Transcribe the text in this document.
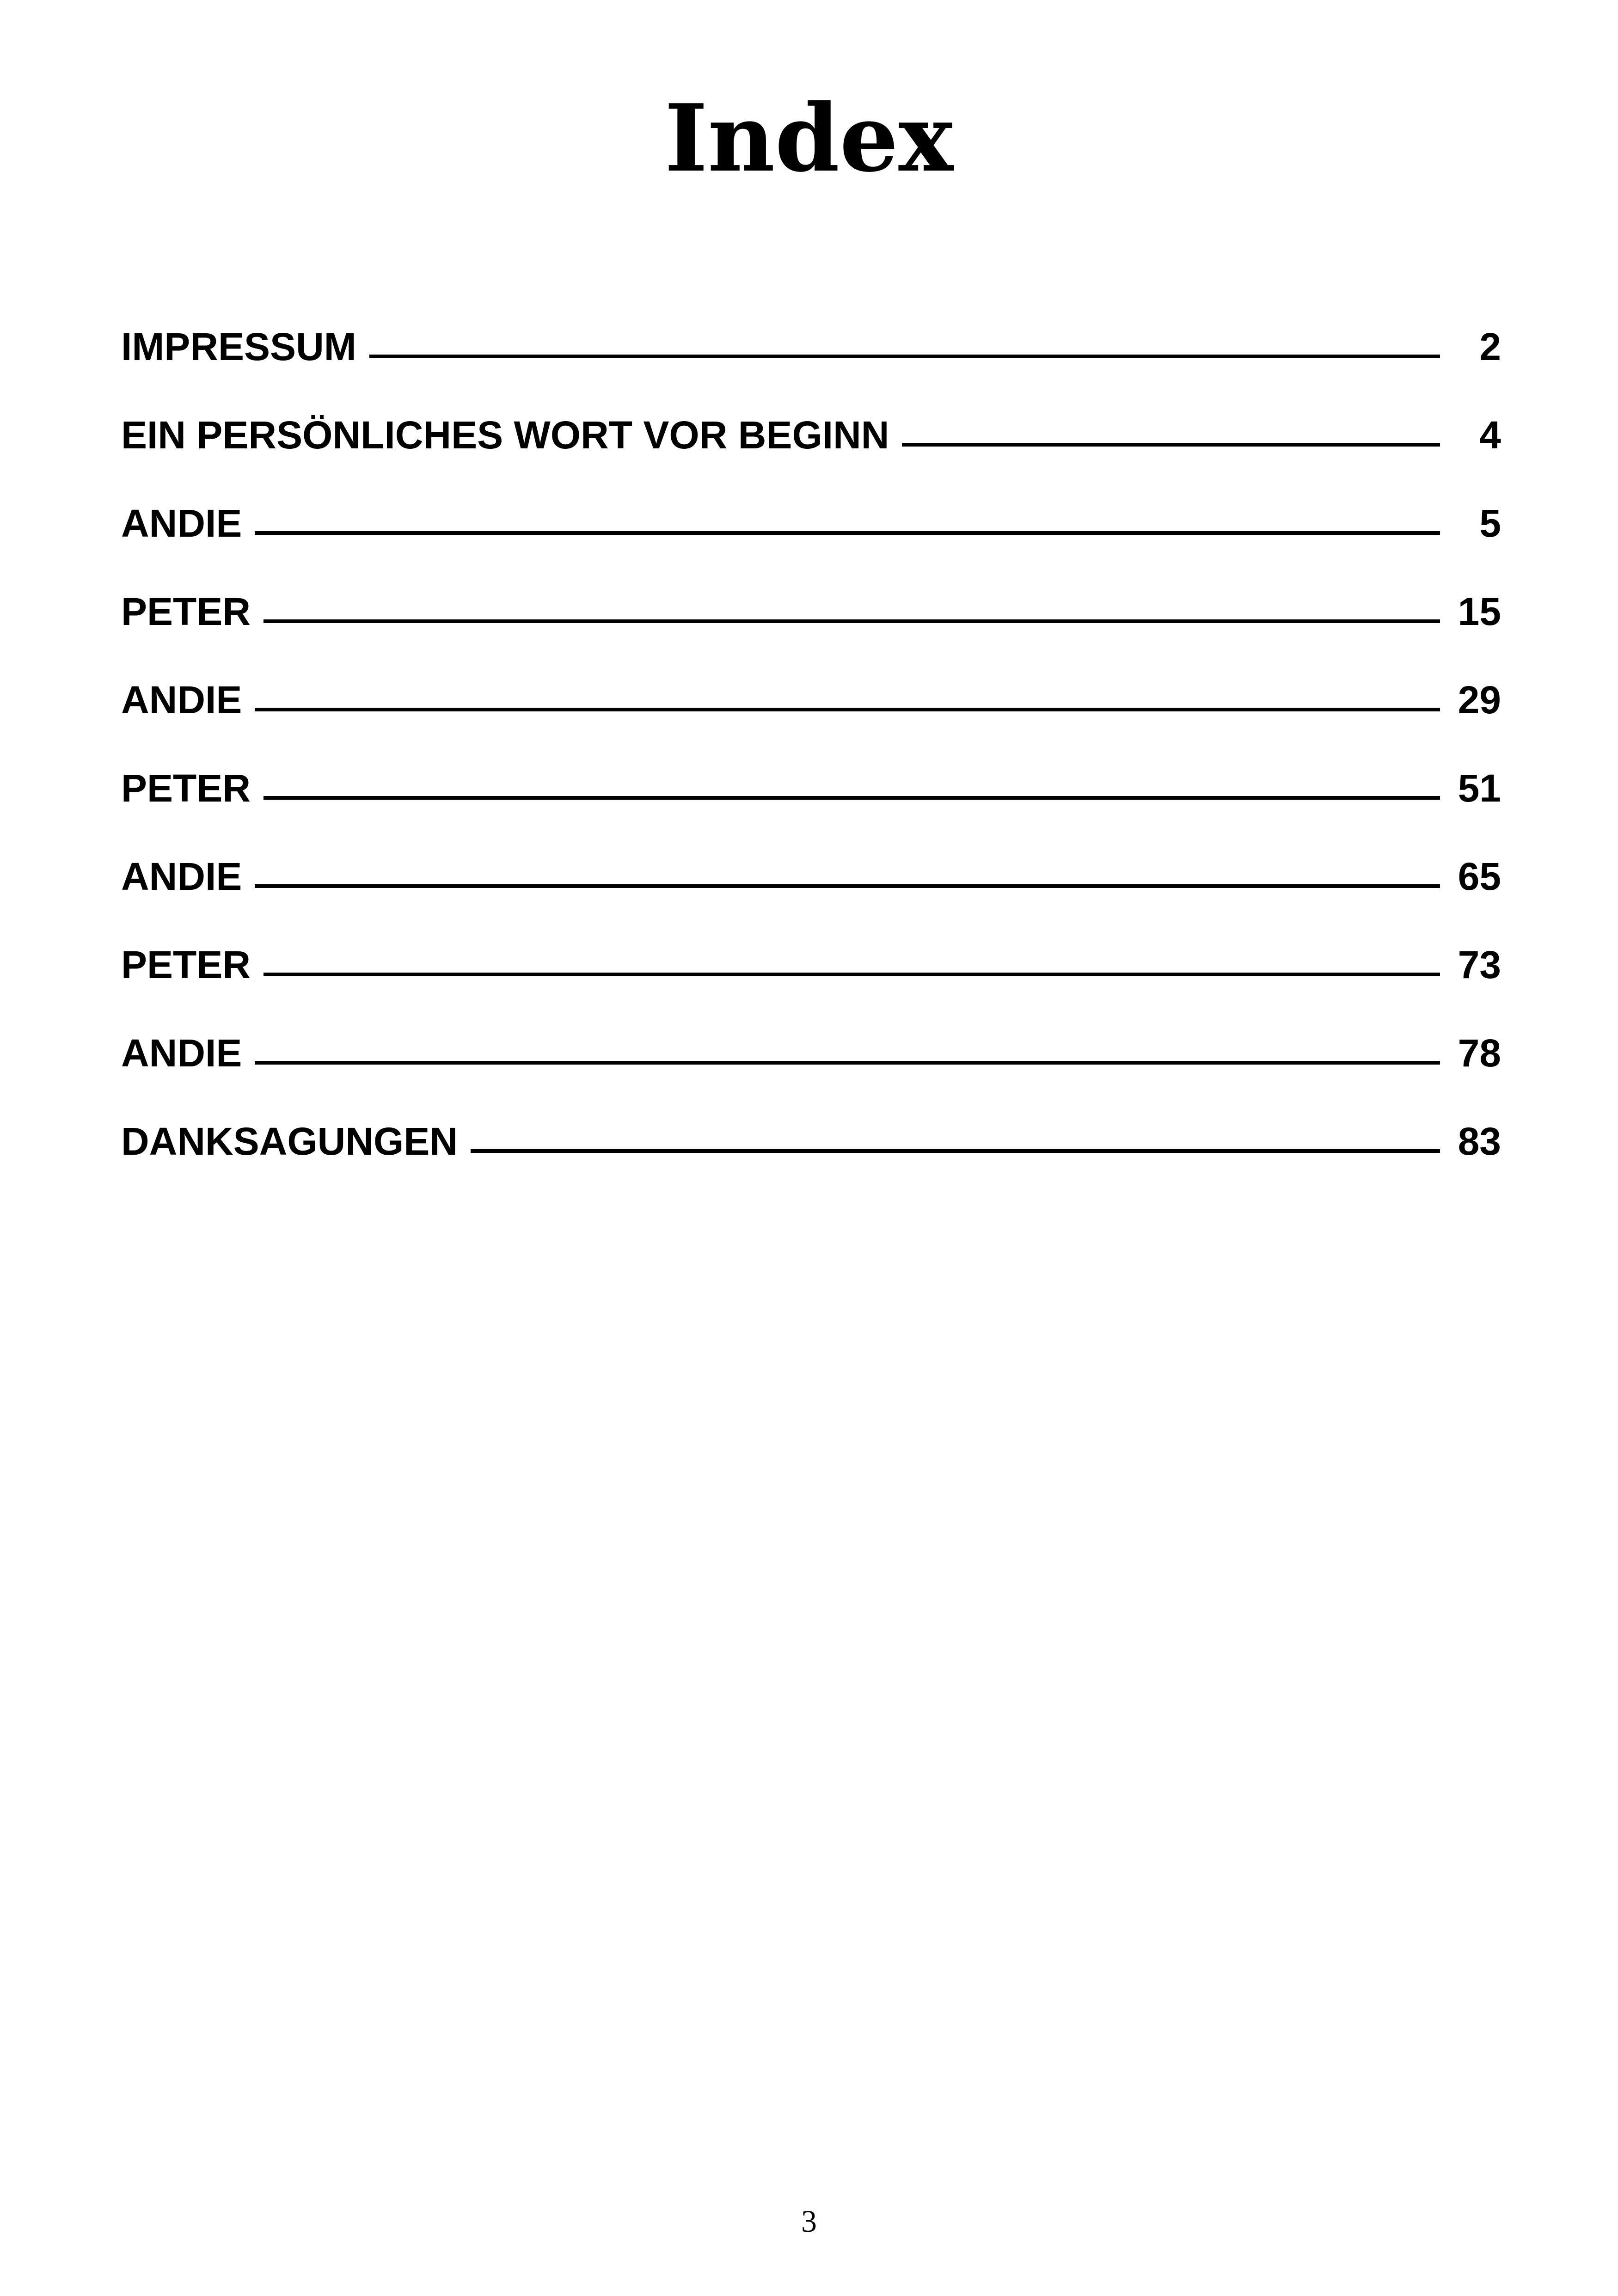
Index
IMPRESSUM	2
EIN PERSÖNLICHES WORT VOR BEGINN	4
ANDIE	5
PETER	15
ANDIE	29
PETER	51
ANDIE	65
PETER	73
ANDIE	78
DANKSAGUNGEN	83
3
